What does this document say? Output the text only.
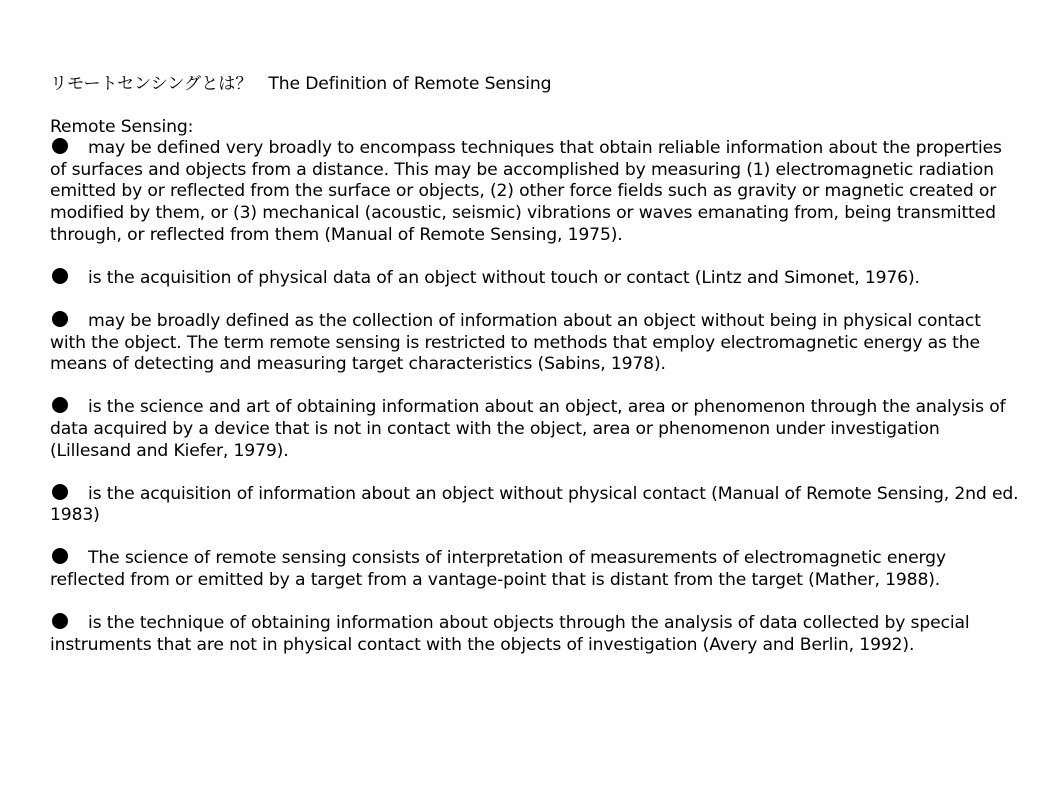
リモートセンシングとは？ The Definition of Remote Sensing

Remote Sensing:

may be defined very broadly to encompass techniques that obtain reliable information about the properties of surfaces and objects from a distance. This may be accomplished by measuring (1) electromagnetic radiation emitted by or reflected from the surface or objects, (2) other force fields such as gravity or magnetic created or modified by them, or (3) mechanical (acoustic, seismic) vibrations or waves emanating from, being transmitted through, or reflected from them (Manual of Remote Sensing, 1975).
is the acquisition of physical data of an object without touch or contact (Lintz and Simonet, 1976).
may be broadly defined as the collection of information about an object without being in physical contact with the object. The term remote sensing is restricted to methods that employ electromagnetic energy as the means of detecting and measuring target characteristics (Sabins, 1978).
is the science and art of obtaining information about an object, area or phenomenon through the analysis of data acquired by a device that is not in contact with the object, area or phenomenon under investigation (Lillesand and Kiefer, 1979).
is the acquisition of information about an object without physical contact (Manual of Remote Sensing, 2nd ed. 1983)
The science of remote sensing consists of interpretation of measurements of electromagnetic energy reflected from or emitted by a target from a vantage-point that is distant from the target (Mather, 1988).
is the technique of obtaining information about objects through the analysis of data collected by special instruments that are not in physical contact with the objects of investigation (Avery and Berlin, 1992).
